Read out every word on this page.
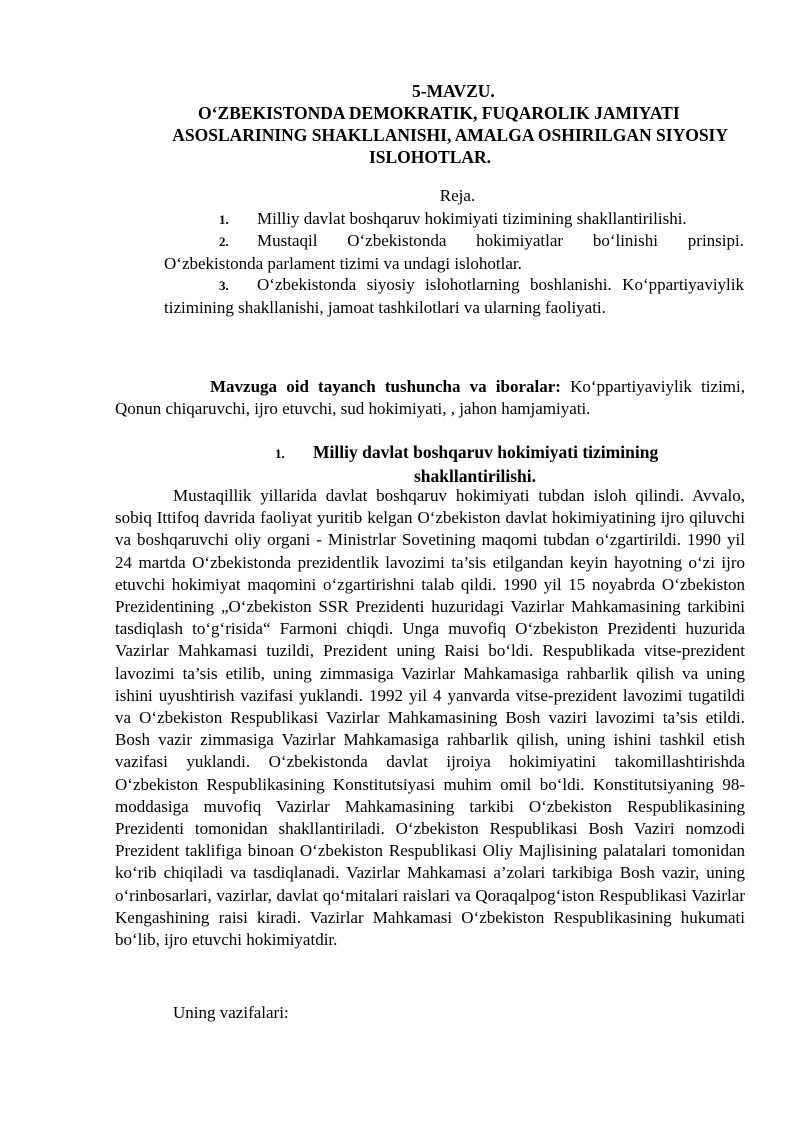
5-MAVZU.
O‘ZBEKISTONDA DEMOKRATIK, FUQAROLIK JAMIYATI
ASOSLARINING SHAKLLANISHI, AMALGA OSHIRILGAN SIYOSIY
ISLOHOTLAR.
Reja.
1. Milliy davlat boshqaruv hokimiyati tizimining shakllantirilishi.
2. Mustaqil O‘zbekistonda hokimiyatlar bo‘linishi prinsipi. O‘zbekistonda parlament tizimi va undagi islohotlar.
3. O‘zbekistonda siyosiy islohotlarning boshlanishi. Ko‘ppartiyaviylik tizimining shakllanishi, jamoat tashkilotlari va ularning faoliyati.
Mavzuga oid tayanch tushuncha va iboralar: Ko‘ppartiyaviylik tizimi, Qonun chiqaruvchi, ijro etuvchi, sud hokimiyati, , jahon hamjamiyati.
1. Milliy davlat boshqaruv hokimiyati tizimining
shakllantirilishi.

Mustaqillik yillarida davlat boshqaruv hokimiyati tubdan isloh qilindi. Avvalo, sobiq Ittifoq davrida faoliyat yuritib kelgan O‘zbekiston davlat hokimiyatining ijro qiluvchi va boshqaruvchi oliy organi - Ministrlar Sovetining maqomi tubdan o‘zgartirildi. 1990 yil 24 martda O‘zbekistonda prezidentlik lavozimi ta’sis etilgandan keyin hayotning o‘zi ijro etuvchi hokimiyat maqomini o‘zgartirishni talab qildi. 1990 yil 15 noyabrda O‘zbekiston Prezidentining „O‘zbekiston SSR Prezidenti huzuridagi Vazirlar Mahkamasining tarkibini tasdiqlash to‘g‘risida“ Farmoni chiqdi. Unga muvofiq O‘zbekiston Prezidenti huzurida Vazirlar Mahkamasi tuzildi, Prezident uning Raisi bo‘ldi. Respublikada vitse-prezident lavozimi ta’sis etilib, uning zimmasiga Vazirlar Mahkamasiga rahbarlik qilish va uning ishini uyushtirish vazifasi yuklandi. 1992 yil 4 yanvarda vitse-prezident lavozimi tugatildi va O‘zbekiston Respublikasi Vazirlar Mahkamasining Bosh vaziri lavozimi ta’sis etildi. Bosh vazir zimmasiga Vazirlar Mahkamasiga rahbarlik qilish, uning ishini tashkil etish vazifasi yuklandi. O‘zbekistonda davlat ijroiya hokimiyatini takomillashtirishda O‘zbekiston Respublikasining Konstitutsiyasi muhim omil bo‘ldi. Konstitutsiyaning 98-moddasiga muvofiq Vazirlar Mahkamasining tarkibi O‘zbekiston Respublikasining Prezidenti tomonidan shakllantiriladi. O‘zbekiston Respublikasi Bosh Vaziri nomzodi Prezident taklifiga binoan O‘zbekiston Respublikasi Oliy Majlisining palatalari tomonidan ko‘rib chiqiladi va tasdiqlanadi. Vazirlar Mahkamasi a’zolari tarkibiga Bosh vazir, uning o‘rinbosarlari, vazirlar, davlat qo‘mitalari raislari va Qoraqalpog‘iston Respublikasi Vazirlar Kengashining raisi kiradi. Vazirlar Mahkamasi O‘zbekiston Respublikasining hukumati bo‘lib, ijro etuvchi hokimiyatdir.

Uning vazifalari:
